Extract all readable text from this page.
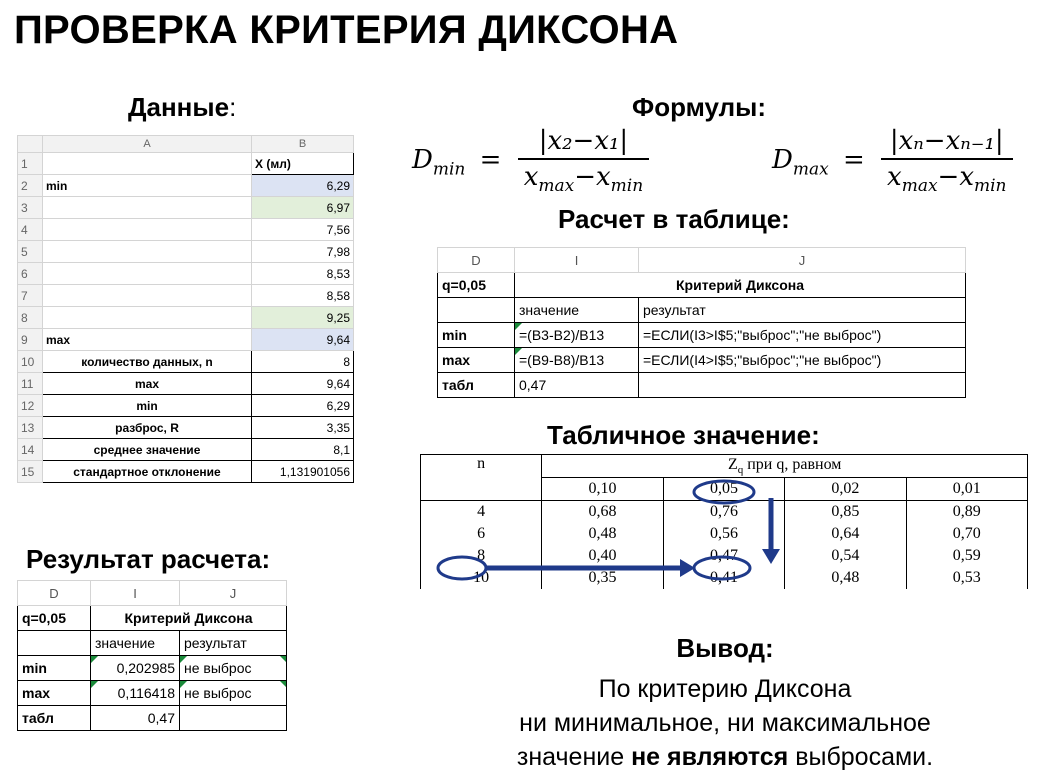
ПРОВЕРКА КРИТЕРИЯ ДИКСОНА
Данные:
	A	B
1		X (мл)
2	min	6,29
3		6,97
4		7,56
5		7,98
6		8,53
7		8,58
8		9,25
9	max	9,64
10	количество данных, n	8
11	max	9,64
12	min	6,29
13	разброс, R	3,35
14	среднее значение	8,1
15	стандартное отклонение	1,131901056
Формулы:
$D_{min} = \frac{\text{|x₂−x₁|}}{x_{max}-x_{min}}$	$D_{max} = \frac{\text{|xₙ−xₙ₋₁|}}{x_{max}-x_{min}}$
Расчет в таблице:
D	I	J
q=0,05	Критерий Диксона	
	значение	результат
min	=(B3-B2)/B13	=ЕСЛИ(I3>I$5;"выброс";"не выброс")
max	=(B9-B8)/B13	=ЕСЛИ(I4>I$5;"выброс";"не выброс")
табл	0,47	
Табличное значение:
n	$Z_q$ при q, равном			
	0,10	0,05	0,02	0,01
4	0,68	0,76	0,85	0,89
6	0,48	0,56	0,64	0,70
8	0,40	0,47	0,54	0,59
10	0,35	0,41	0,48	0,53
Результат расчета:
D	I	J
q=0,05	Критерий Диксона	
	значение	результат
min	0,202985	не выброс
max	0,116418	не выброс
табл	0,47	
Вывод:
По критерию Диксона
ни минимальное, ни максимальное
значение не являются выбросами.
